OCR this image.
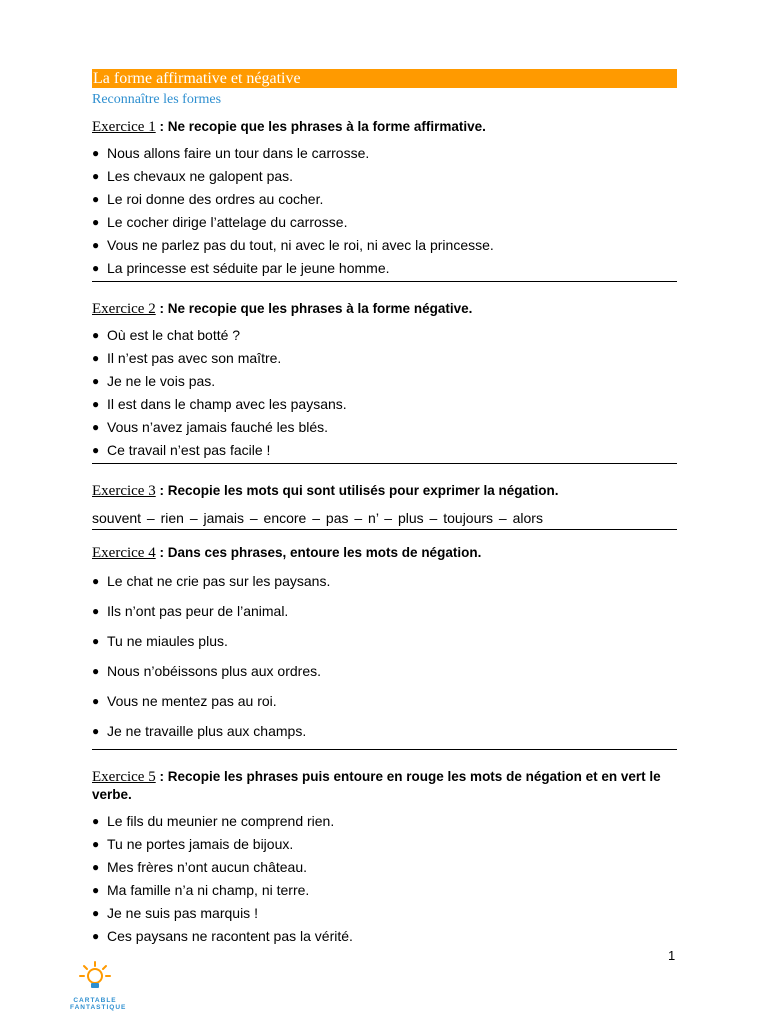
La forme affirmative et négative
Reconnaître les formes
Exercice 1 : Ne recopie que les phrases à la forme affirmative.
● Nous allons faire un tour dans le carrosse.
● Les chevaux ne galopent pas.
● Le roi donne des ordres au cocher.
● Le cocher dirige l’attelage du carrosse.
● Vous ne parlez pas du tout, ni avec le roi, ni avec la princesse.
● La princesse est séduite par le jeune homme.
Exercice 2 : Ne recopie que les phrases à la forme négative.
● Où est le chat botté ?
● Il n’est pas avec son maître.
● Je ne le vois pas.
● Il est dans le champ avec les paysans.
● Vous n’avez jamais fauché les blés.
● Ce travail n’est pas facile !
Exercice 3 : Recopie les mots qui sont utilisés pour exprimer la négation.
souvent – rien – jamais – encore – pas – n’ – plus – toujours – alors
Exercice 4 : Dans ces phrases, entoure les mots de négation.
● Le chat ne crie pas sur les paysans.
● Ils n’ont pas peur de l’animal.
● Tu ne miaules plus.
● Nous n’obéissons plus aux ordres.
● Vous ne mentez pas au roi.
● Je ne travaille plus aux champs.
Exercice 5 : Recopie les phrases puis entoure en rouge les mots de négation et en vert le verbe.
● Le fils du meunier ne comprend rien.
● Tu ne portes jamais de bijoux.
● Mes frères n’ont aucun château.
● Ma famille n’a ni champ, ni terre.
● Je ne suis pas marquis !
● Ces paysans ne racontent pas la vérité.
1
CARTABLE
FANTASTIQUE
